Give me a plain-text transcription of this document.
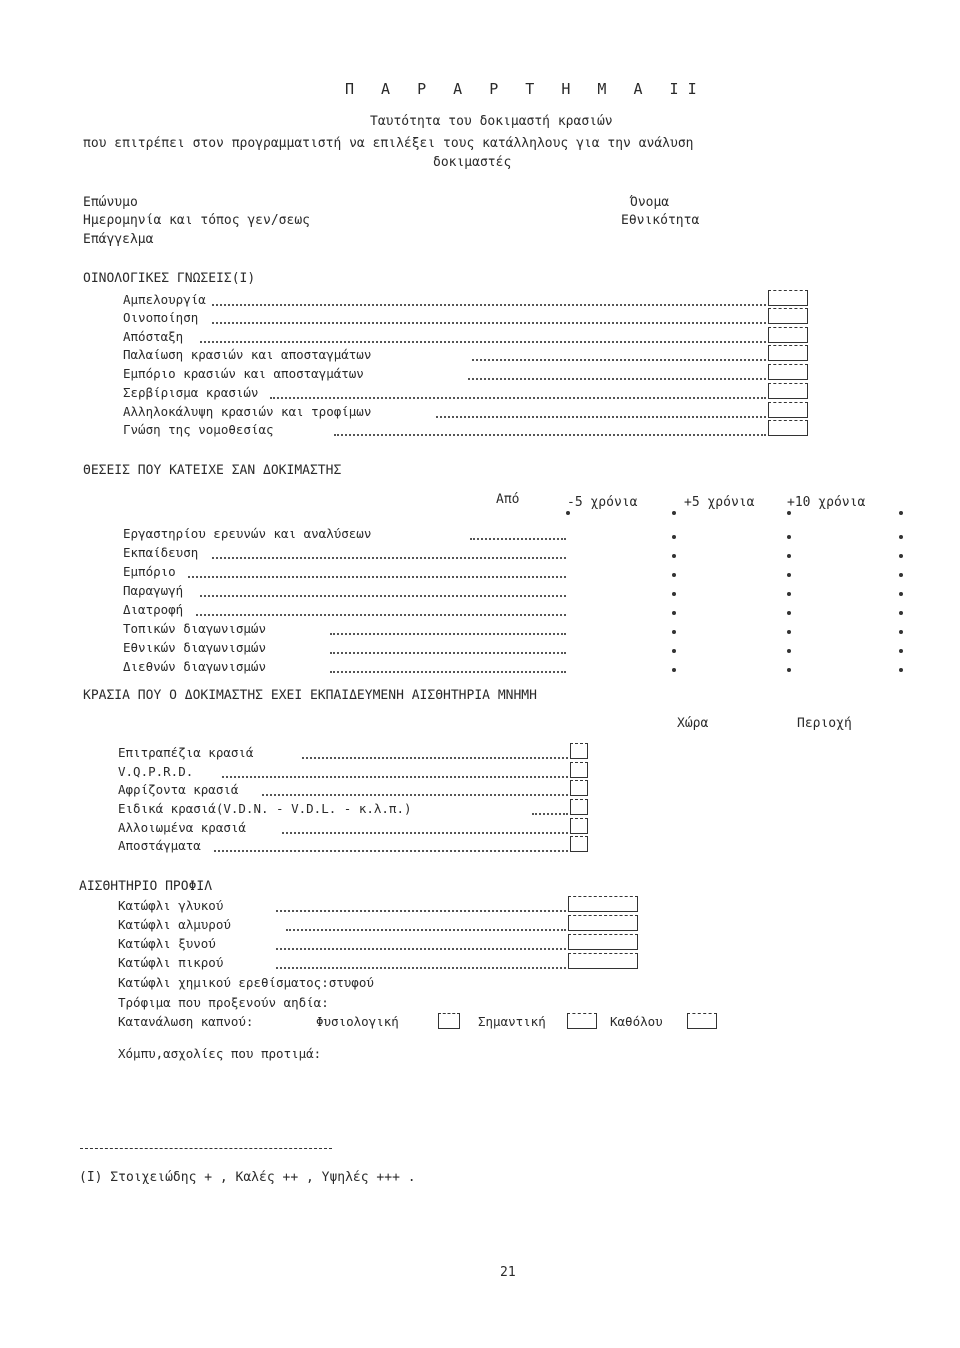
Π Α Ρ Α Ρ Τ Η Μ Α II
Ταυτότητα του δοκιμαστή κρασιών
που επιτρέπει στον προγραμματιστή να επιλέξει τους κατάλληλους για την ανάλυση
δοκιμαστές
Επώνυμο
Ημερομηνία και τόπος γεν/σεως
Επάγγελμα
Όνομα
Εθνικότητα
ΟΙΝΟΛΟΓΙΚΕΣ ΓΝΩΣΕΙΣ(Ι)
Αμπελουργία
Οινοποίηση
Απόσταξη
Παλαίωση κρασιών και αποσταγμάτων
Εμπόριο κρασιών και αποσταγμάτων
Σερβίρισμα κρασιών
Αλληλοκάλυψη κρασιών και τροφίμων
Γνώση της νομοθεσίας
ΘΕΣΕΙΣ ΠΟΥ ΚΑΤΕΙΧΕ ΣΑΝ ΔΟΚΙΜΑΣΤΗΣ
Από	-5 χρόνια	+5 χρόνια	+10 χρόνια
Εργαστηρίου ερευνών και αναλύσεων
Εκπαίδευση
Εμπόριο
Παραγωγή
Διατροφή
Τοπικών διαγωνισμών
Εθνικών διαγωνισμών
Διεθνών διαγωνισμών
ΚΡΑΣΙΑ ΠΟΥ Ο ΔΟΚΙΜΑΣΤΗΣ ΕΧΕΙ ΕΚΠΑΙΔΕΥΜΕΝΗ ΑΙΣΘΗΤΗΡΙΑ ΜΝΗΜΗ
Χώρα	Περιοχή
Επιτραπέζια κρασιά
V.Q.P.R.D.
Αφρίζοντα κρασιά
Ειδικά κρασιά(V.D.N. - V.D.L. - κ.λ.π.)
Αλλοιωμένα κρασιά
Αποστάγματα
ΑΙΣΘΗΤΗΡΙΟ ΠΡΟΦΙΛ
Κατώφλι γλυκού
Κατώφλι αλμυρού
Κατώφλι ξυνού
Κατώφλι πικρού
Κατώφλι χημικού ερεθίσματος:στυφού
Τρόφιμα που προξενούν αηδία:
Κατανάλωση καπνού:	Φυσιολογική	Σημαντική	Καθόλου
Χόμπυ,ασχολίες που προτιμά:
(I) Στοιχειώδης + , Καλές ++ , Υψηλές +++ .
21
